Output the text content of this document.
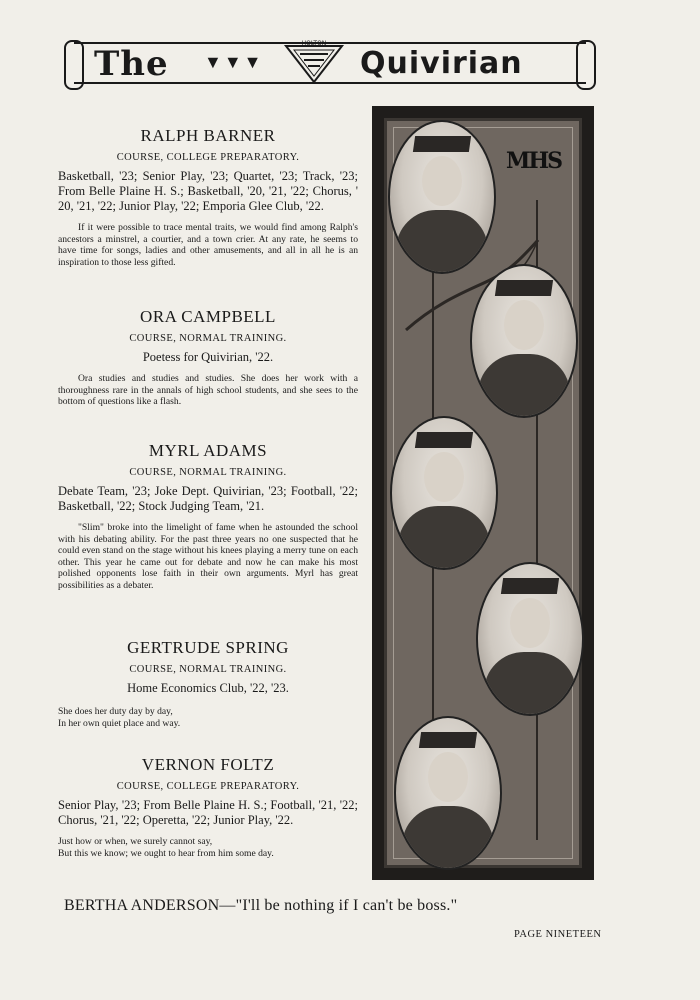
The ▼▼▼
HOLTON
Quivirian

RALPH BARNER

COURSE, COLLEGE PREPARATORY.

Basketball, '23; Senior Play, '23; Quartet, '23; Track, '23; From Belle Plaine H. S.; Basketball, '20, '21, '22; Chorus, ' 20, '21, '22; Junior Play, '22; Emporia Glee Club, '22.

If it were possible to trace mental traits, we would find among Ralph's ancestors a minstrel, a courtier, and a town crier. At any rate, he seems to have time for songs, ladies and other amusements, and all in all he is an inspiration to those less gifted.

ORA CAMPBELL

COURSE, NORMAL TRAINING.

Poetess for Quivirian, '22.

Ora studies and studies and studies. She does her work with a thoroughness rare in the annals of high school students, and she sees to the bottom of questions like a flash.

MYRL ADAMS

COURSE, NORMAL TRAINING.

Debate Team, '23; Joke Dept. Quivirian, '23; Football, '22; Basketball, '22; Stock Judging Team, '21.

"Slim" broke into the limelight of fame when he astounded the school with his debating ability. For the past three years no one suspected that he could even stand on the stage without his knees playing a merry tune on each other. This year he came out for debate and now he can make his most polished opponents lose faith in their own arguments. Myrl has great possibilities as a debater.

GERTRUDE SPRING

COURSE, NORMAL TRAINING.

Home Economics Club, '22, '23.

She does her duty day by day,
In her own quiet place and way.

VERNON FOLTZ

COURSE, COLLEGE PREPARATORY.

Senior Play, '23; From Belle Plaine H. S.; Football, '21, '22; Chorus, '21, '22; Operetta, '22; Junior Play, '22.

Just how or when, we surely cannot say,
But this we know; we ought to hear from him some day.

MHS
BERTHA ANDERSON—"I'll be nothing if I can't be boss."
PAGE NINETEEN
